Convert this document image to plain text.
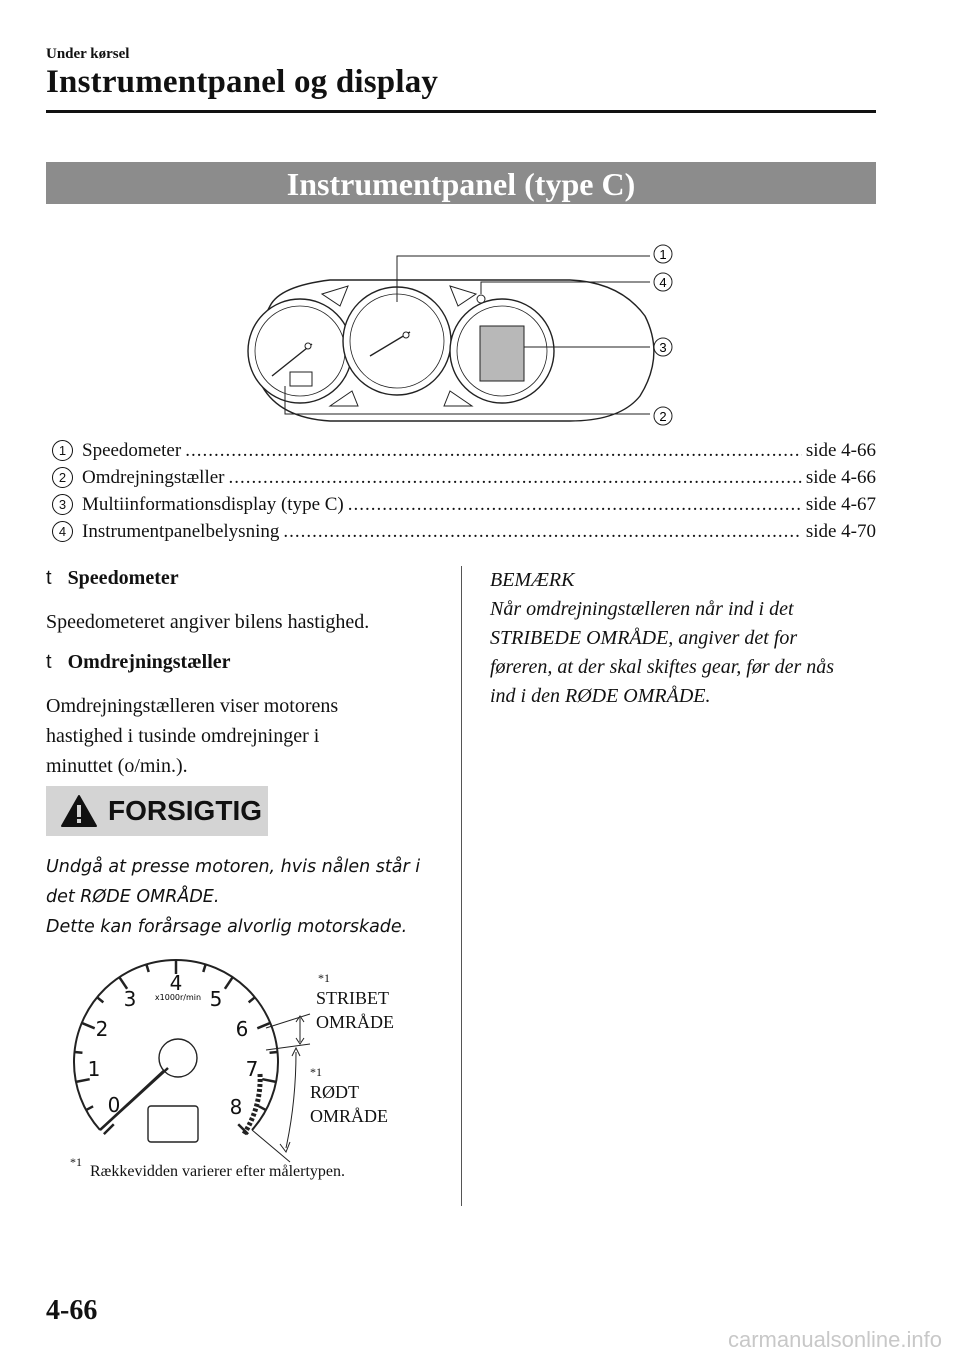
Under kørsel
Instrumentpanel og display
Instrumentpanel (type C)
1
4
3
2
1 Speedometer .....	side 4-66
2 Omdrejningstæller .....	side 4-66
3 Multiinformationsdisplay (type C) .....	side 4-67
4 Instrumentpanelbelysning .....	side 4-70
t Speedometer
Speedometeret angiver bilens hastighed.
t Omdrejningstæller
Omdrejningstælleren viser motorens
hastighed i tusinde omdrejninger i
minuttet (o/min.).
FORSIGTIG
Undgå at presse motoren, hvis nålen står i
det RØDE OMRÅDE.
Dette kan forårsage alvorlig motorskade.
0
1
2
3
4
5
6
7
8
x1000r/min
*1
STRIBET
OMRÅDE
*1
RØDT
OMRÅDE
*1
Rækkevidden varierer efter målertypen.
BEMÆRK
Når omdrejningstælleren når ind i det
STRIBEDE OMRÅDE, angiver det for
føreren, at der skal skiftes gear, før der nås
ind i den RØDE OMRÅDE.
4-66
carmanualsonline.info
